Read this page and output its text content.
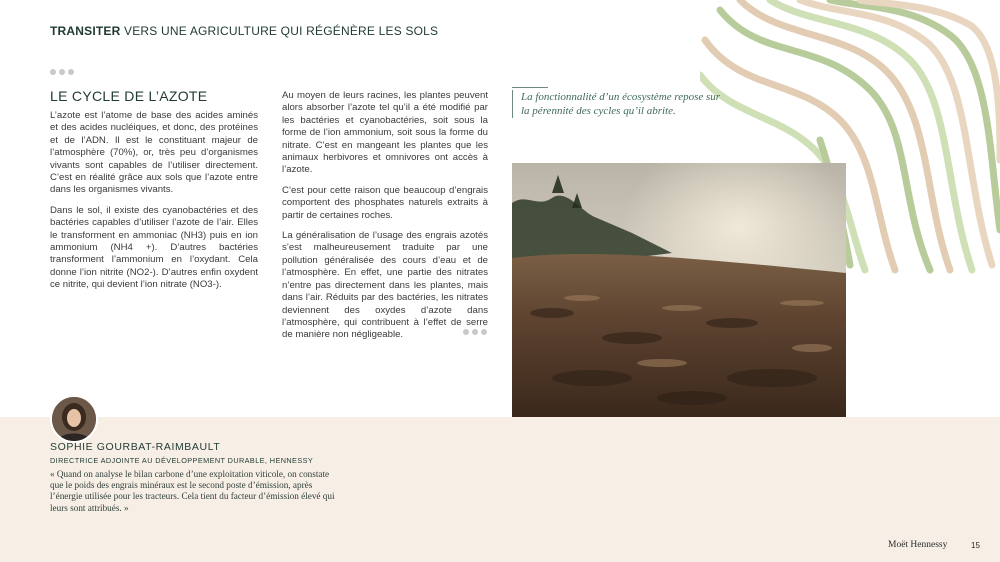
TRANSITER VERS UNE AGRICULTURE QUI RÉGÉNÈRE LES SOLS
LE CYCLE DE L’AZOTE

L’azote est l’atome de base des acides aminés et des acides nucléiques, et donc, des protéines et de l’ADN. Il est le constituant majeur de l’atmosphère (70%), or, très peu d’organismes vivants sont capables de l’utiliser directement. C’est en réalité grâce aux sols que l’azote entre dans les organismes vivants.

Dans le sol, il existe des cyanobactéries et des bactéries capables d’utiliser l’azote de l’air. Elles le transforment en ammoniac (NH3) puis en ion ammonium (NH4 +). D’autres bactéries transforment l’ammonium en l’oxydant. Cela donne l’ion nitrite (NO2-). D’autres enfin oxydent ce nitrite, qui devient l’ion nitrate (NO3-).

Au moyen de leurs racines, les plantes peuvent alors absorber l’azote tel qu’il a été modifié par les bactéries et cyanobactéries, soit sous la forme de l’ion ammonium, soit sous la forme du nitrate. C’est en mangeant les plantes que les animaux herbivores et omnivores ont accès à l’azote.

C’est pour cette raison que beaucoup d’engrais comportent des phosphates naturels extraits à partir de certaines roches.

La généralisation de l’usage des engrais azotés s’est malheureusement traduite par une pollution généralisée des cours d’eau et de l’atmosphère. En effet, une partie des nitrates n’entre pas directement dans les plantes, mais dans l’air. Réduits par des bactéries, les nitrates deviennent des oxydes d’azote dans l’atmosphère, qui contribuent à l’effet de serre de manière non négligeable.

La fonctionnalité d’un écosystème repose sur la pérennité des cycles qu’il abrite.
SOPHIE GOURBAT-RAIMBAULT
DIRECTRICE ADJOINTE AU DÉVELOPPEMENT DURABLE, HENNESSY
« Quand on analyse le bilan carbone d’une exploitation viticole, on constate que le poids des engrais minéraux est le second poste d’émission, après l’énergie utilisée pour les tracteurs. Cela tient du facteur d’émission élevé qui leurs sont attribués. »
Moët Hennessy	15
